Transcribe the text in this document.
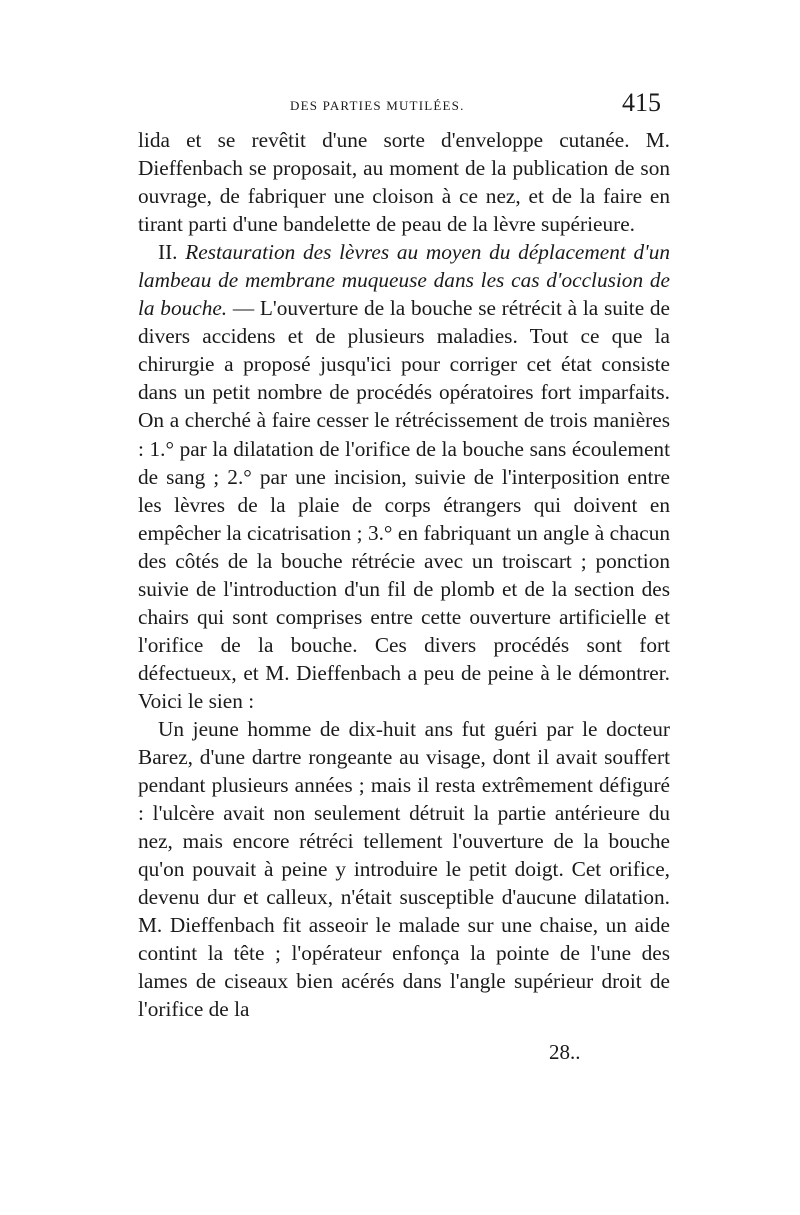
DES PARTIES MUTILÉES.	415

lida et se revêtit d'une sorte d'enveloppe cutanée. M. Dieffenbach se proposait, au moment de la publication de son ouvrage, de fabriquer une cloison à ce nez, et de la faire en tirant parti d'une bandelette de peau de la lèvre supérieure.

II. Restauration des lèvres au moyen du déplacement d'un lambeau de membrane muqueuse dans les cas d'occlusion de la bouche. — L'ouverture de la bouche se rétrécit à la suite de divers accidens et de plusieurs maladies. Tout ce que la chirurgie a proposé jusqu'ici pour corriger cet état consiste dans un petit nombre de procédés opératoires fort imparfaits. On a cherché à faire cesser le rétrécissement de trois manières : 1.° par la dilatation de l'orifice de la bouche sans écoulement de sang ; 2.° par une incision, suivie de l'interposition entre les lèvres de la plaie de corps étrangers qui doivent en empêcher la cicatrisation ; 3.° en fabriquant un angle à chacun des côtés de la bouche rétrécie avec un troiscart ; ponction suivie de l'introduction d'un fil de plomb et de la section des chairs qui sont comprises entre cette ouverture artificielle et l'orifice de la bouche. Ces divers procédés sont fort défectueux, et M. Dieffenbach a peu de peine à le démontrer. Voici le sien :

Un jeune homme de dix-huit ans fut guéri par le docteur Barez, d'une dartre rongeante au visage, dont il avait souffert pendant plusieurs années ; mais il resta extrêmement défiguré : l'ulcère avait non seulement détruit la partie antérieure du nez, mais encore rétréci tellement l'ouverture de la bouche qu'on pouvait à peine y introduire le petit doigt. Cet orifice, devenu dur et calleux, n'était susceptible d'aucune dilatation. M. Dieffenbach fit asseoir le malade sur une chaise, un aide contint la tête ; l'opérateur enfonça la pointe de l'une des lames de ciseaux bien acérés dans l'angle supérieur droit de l'orifice de la

28..
